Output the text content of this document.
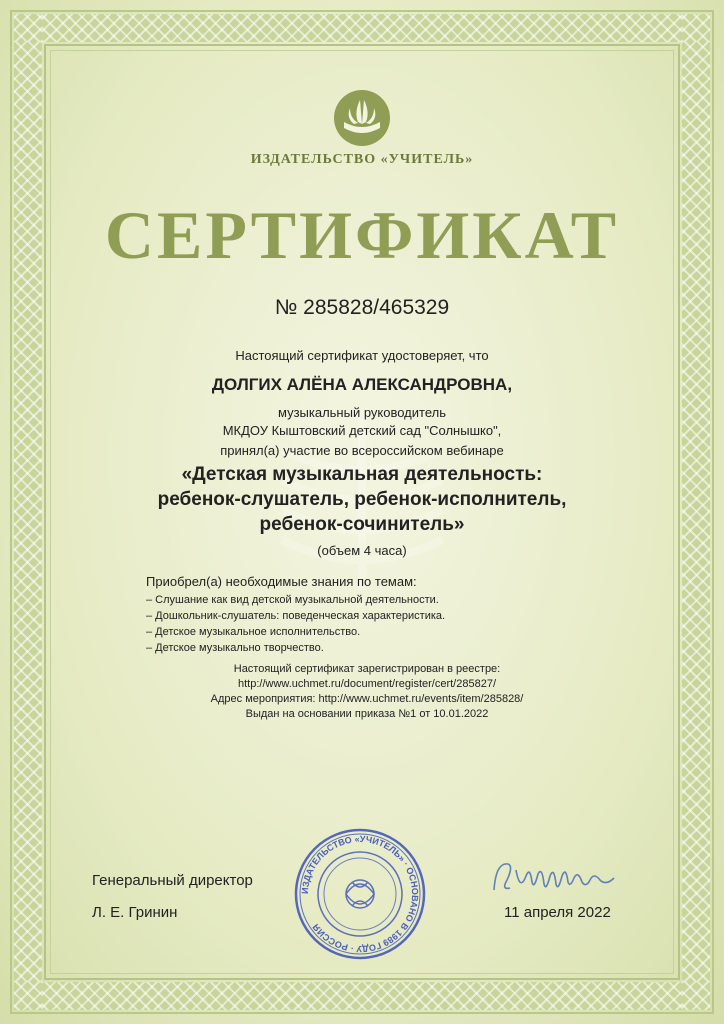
ИЗДАТЕЛЬСТВО «УЧИТЕЛЬ»
СЕРТИФИКАТ
№ 285828/465329
Настоящий сертификат удостоверяет, что
ДОЛГИХ АЛЁНА АЛЕКСАНДРОВНА,
музыкальный руководитель
МКДОУ Кыштовский детский сад "Солнышко",
принял(а) участие во всероссийском вебинаре
«Детская музыкальная деятельность:
ребенок-слушатель, ребенок-исполнитель,
ребенок-сочинитель»
(объем 4 часа)
Приобрел(а) необходимые знания по темам:
– Слушание как вид детской музыкальной деятельности.
– Дошкольник-слушатель: поведенческая характеристика.
– Детское музыкальное исполнительство.
– Детское музыкально творчество.
Настоящий сертификат зарегистрирован в реестре:
http://www.uchmet.ru/document/register/cert/285827/
Адрес мероприятия: http://www.uchmet.ru/events/item/285828/
Выдан на основании приказа №1 от 10.01.2022
Генеральный директор
Л. Е. Гринин	11 апреля 2022
ИЗДАТЕЛЬСТВО «УЧИТЕЛЬ» · ОСНОВАНО В 1989 ГОДУ · РОССИЯ
